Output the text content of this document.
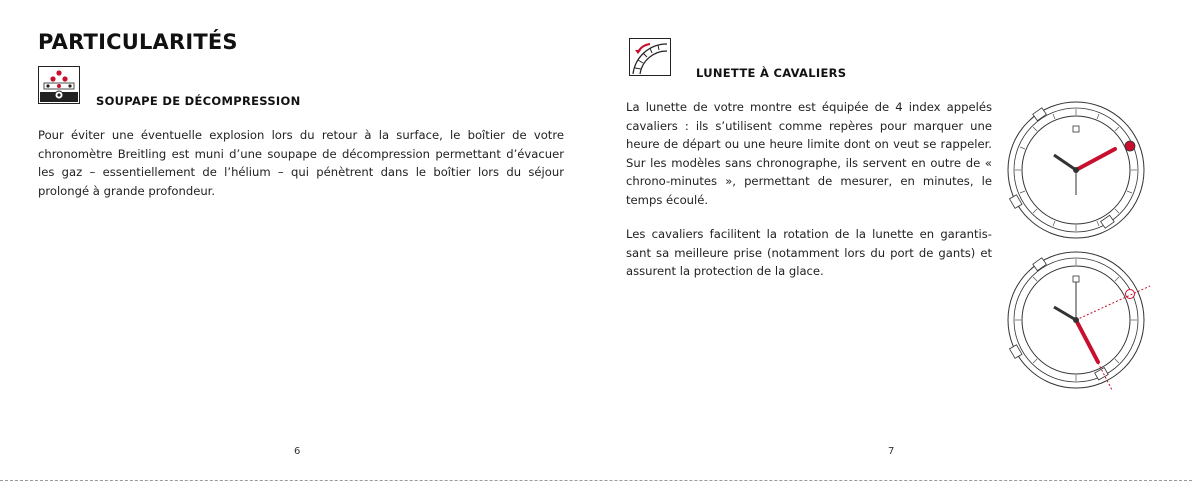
PARTICULARITÉS
SOUPAPE DE DÉCOMPRESSION

Pour éviter une éventuelle explosion lors du retour à la surface, le boîtier de votre chronomètre Breitling est muni d’une soupape de décompression permettant d’évacuer les gaz – essentiellement de l’hélium – qui pénètrent dans le boîtier lors du séjour prolongé à grande profondeur.

6
LUNETTE À CAVALIERS

La lunette de votre montre est équipée de 4 index appelés cavaliers : ils s’utilisent comme repères pour marquer une heure de départ ou une heure limite dont on veut se rappeler. Sur les modèles sans chronographe, ils servent en outre de « chrono-minutes », permettant de mesurer, en minutes, le temps écoulé.

Les cavaliers facilitent la rotation de la lunette en garantis-sant sa meilleure prise (notamment lors du port de gants) et assurent la protection de la glace.

7
